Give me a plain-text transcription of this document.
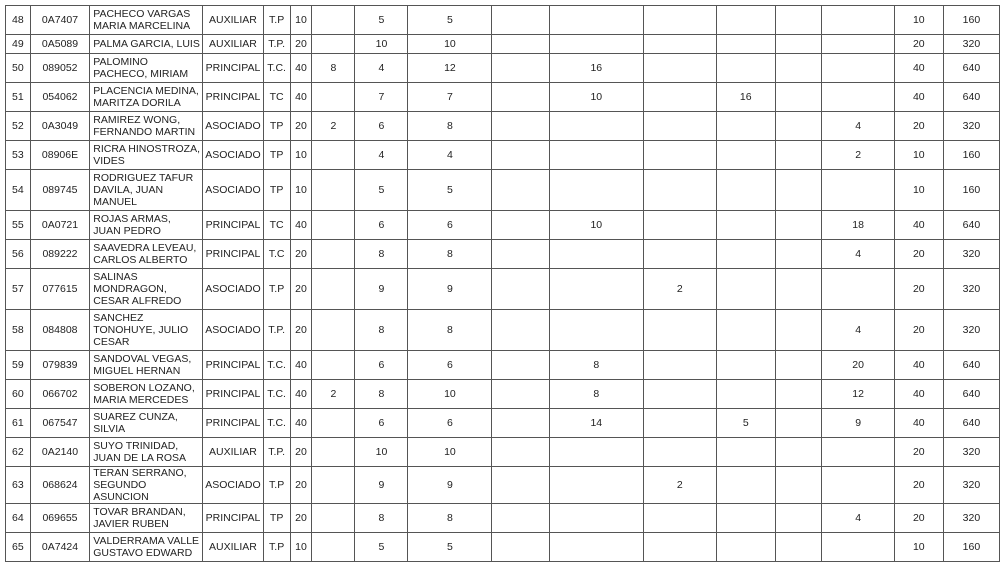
48	0A7407	PACHECO VARGAS MARIA MARCELINA	AUXILIAR	T.P	10		5	5							10	160
49	0A5089	PALMA GARCIA, LUIS	AUXILIAR	T.P.	20		10	10							20	320
50	089052	PALOMINO PACHECO, MIRIAM	PRINCIPAL	T.C.	40	8	4	12		16					40	640
51	054062	PLACENCIA MEDINA, MARITZA DORILA	PRINCIPAL	TC	40		7	7		10		16			40	640
52	0A3049	RAMIREZ WONG, FERNANDO MARTIN	ASOCIADO	TP	20	2	6	8						4	20	320
53	08906E	RICRA HINOSTROZA, VIDES	ASOCIADO	TP	10		4	4						2	10	160
54	089745	RODRIGUEZ TAFUR DAVILA, JUAN MANUEL	ASOCIADO	TP	10		5	5							10	160
55	0A0721	ROJAS ARMAS, JUAN PEDRO	PRINCIPAL	TC	40		6	6		10				18	40	640
56	089222	SAAVEDRA LEVEAU, CARLOS ALBERTO	PRINCIPAL	T.C	20		8	8						4	20	320
57	077615	SALINAS MONDRAGON, CESAR ALFREDO	ASOCIADO	T.P	20		9	9			2				20	320
58	084808	SANCHEZ TONOHUYE, JULIO CESAR	ASOCIADO	T.P.	20		8	8						4	20	320
59	079839	SANDOVAL VEGAS, MIGUEL HERNAN	PRINCIPAL	T.C.	40		6	6		8				20	40	640
60	066702	SOBERON LOZANO, MARIA MERCEDES	PRINCIPAL	T.C.	40	2	8	10		8				12	40	640
61	067547	SUAREZ CUNZA, SILVIA	PRINCIPAL	T.C.	40		6	6		14		5		9	40	640
62	0A2140	SUYO TRINIDAD, JUAN DE LA ROSA	AUXILIAR	T.P.	20		10	10							20	320
63	068624	TERAN SERRANO, SEGUNDO ASUNCION	ASOCIADO	T.P	20		9	9			2				20	320
64	069655	TOVAR BRANDAN, JAVIER RUBEN	PRINCIPAL	TP	20		8	8						4	20	320
65	0A7424	VALDERRAMA VALLE GUSTAVO EDWARD	AUXILIAR	T.P	10		5	5							10	160
